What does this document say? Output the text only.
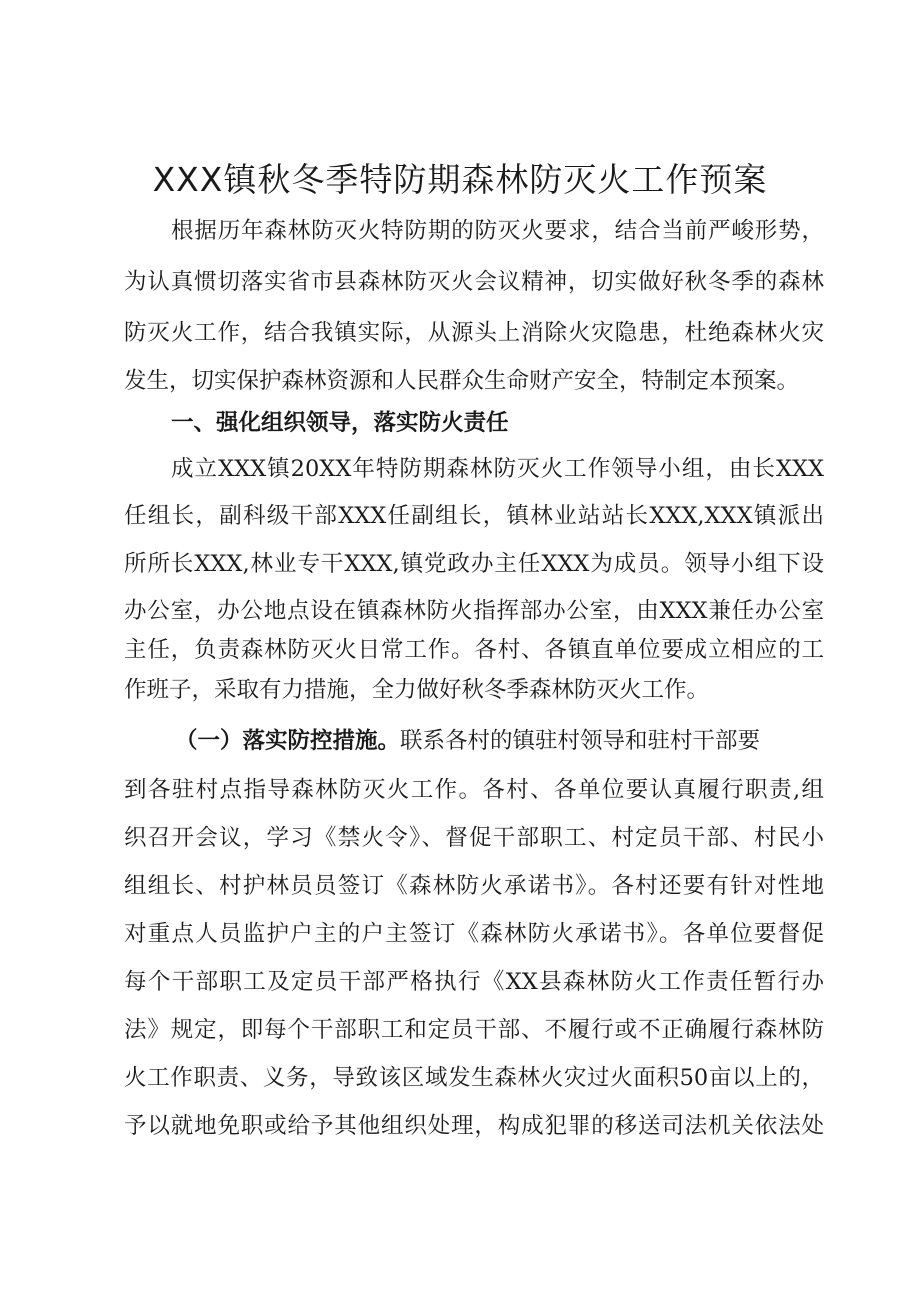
XXX镇秋冬季特防期森林防灭火工作预案
根据历年森林防灭火特防期的防灭火要求，结合当前严峻形势，
为认真惯切落实省市县森林防灭火会议精神，切实做好秋冬季的森林
防灭火工作，结合我镇实际，从源头上消除火灾隐患，杜绝森林火灾
发生，切实保护森林资源和人民群众生命财产安全，特制定本预案。
一、强化组织领导，落实防火责任
成立XXX镇20XX年特防期森林防灭火工作领导小组，由长XXX
任组长，副科级干部XXX任副组长，镇林业站站长XXX,XXX镇派出
所所长XXX,林业专干XXX,镇党政办主任XXX为成员。领导小组下设
办公室，办公地点设在镇森林防火指挥部办公室，由XXX兼任办公室
主任，负责森林防灭火日常工作。各村、各镇直单位要成立相应的工
作班子，采取有力措施，全力做好秋冬季森林防灭火工作。
（一）落实防控措施。联系各村的镇驻村领导和驻村干部要
到各驻村点指导森林防灭火工作。各村、各单位要认真履行职责,组
织召开会议，学习《禁火令》、督促干部职工、村定员干部、村民小
组组长、村护林员员签订《森林防火承诺书》。各村还要有针对性地
对重点人员监护户主的户主签订《森林防火承诺书》。各单位要督促
每个干部职工及定员干部严格执行《XX县森林防火工作责任暂行办
法》规定，即每个干部职工和定员干部、不履行或不正确履行森林防
火工作职责、义务，导致该区域发生森林火灾过火面积50亩以上的，
予以就地免职或给予其他组织处理，构成犯罪的移送司法机关依法处
